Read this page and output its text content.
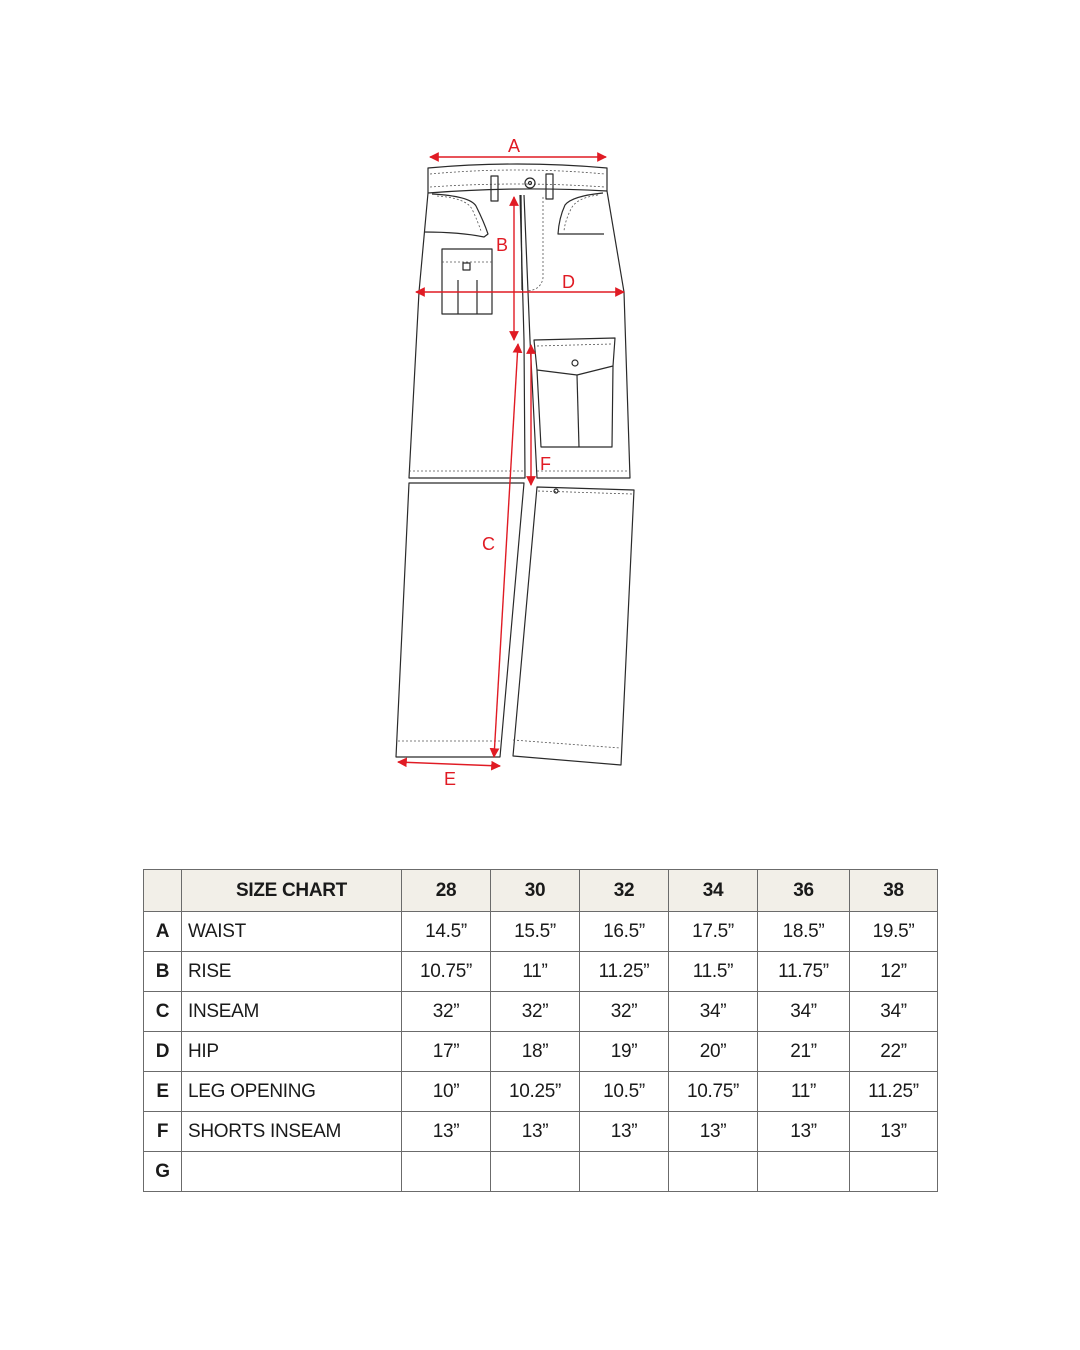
A
B
D
F
C
E
	SIZE CHART	28	30	32	34	36	38
A	WAIST	14.5”	15.5”	16.5”	17.5”	18.5”	19.5”
B	RISE	10.75”	11”	11.25”	11.5”	11.75”	12”
C	INSEAM	32”	32”	32”	34”	34”	34”
D	HIP	17”	18”	19”	20”	21”	22”
E	LEG OPENING	10”	10.25”	10.5”	10.75”	11”	11.25”
F	SHORTS INSEAM	13”	13”	13”	13”	13”	13”
G							
